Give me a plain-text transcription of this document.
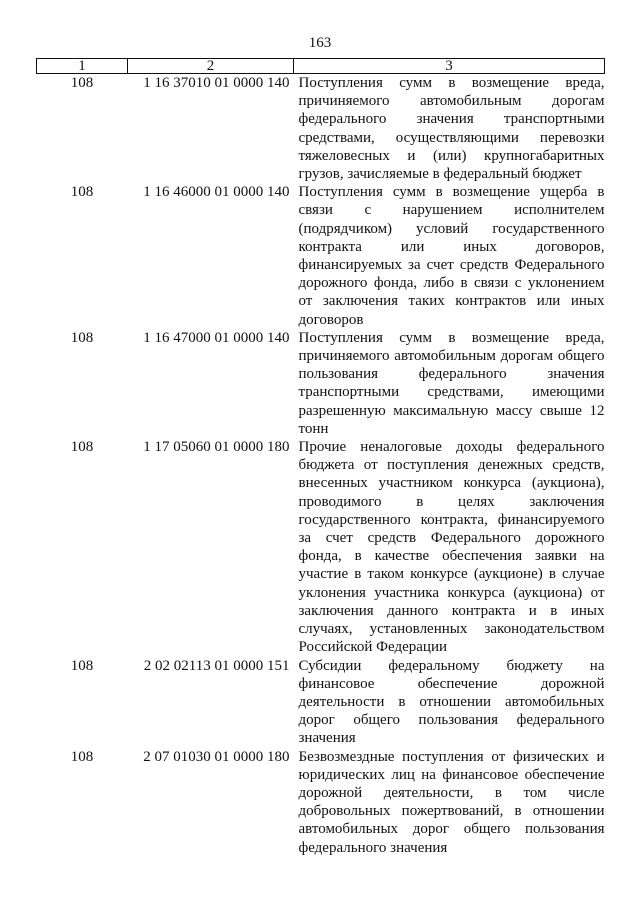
163
1	2	3
108	1 16 37010 01 0000 140	Поступления сумм в возмещение вреда, причиняемого автомобильным дорогам федерального значения транспортными средствами, осуществляющими перевозки тяжеловесных и (или) крупногабаритных грузов, зачисляемые в федеральный бюджет
108	1 16 46000 01 0000 140	Поступления сумм в возмещение ущерба в связи с нарушением исполнителем (подрядчиком) условий государственного контракта или иных договоров, финансируемых за счет средств Федерального дорожного фонда, либо в связи с уклонением от заключения таких контрактов или иных договоров
108	1 16 47000 01 0000 140	Поступления сумм в возмещение вреда, причиняемого автомобильным дорогам общего пользования федерального значения транспортными средствами, имеющими разрешенную максимальную массу свыше 12 тонн
108	1 17 05060 01 0000 180	Прочие неналоговые доходы федерального бюджета от поступления денежных средств, внесенных участником конкурса (аукциона), проводимого в целях заключения государственного контракта, финансируемого за счет средств Федерального дорожного фонда, в качестве обеспечения заявки на участие в таком конкурсе (аукционе) в случае уклонения участника конкурса (аукциона) от заключения данного контракта и в иных случаях, установленных законодательством Российской Федерации
108	2 02 02113 01 0000 151	Субсидии федеральному бюджету на финансовое обеспечение дорожной деятельности в отношении автомобильных дорог общего пользования федерального значения
108	2 07 01030 01 0000 180	Безвозмездные поступления от физических и юридических лиц на финансовое обеспечение дорожной деятельности, в том числе добровольных пожертвований, в отношении автомобильных дорог общего пользования федерального значения
